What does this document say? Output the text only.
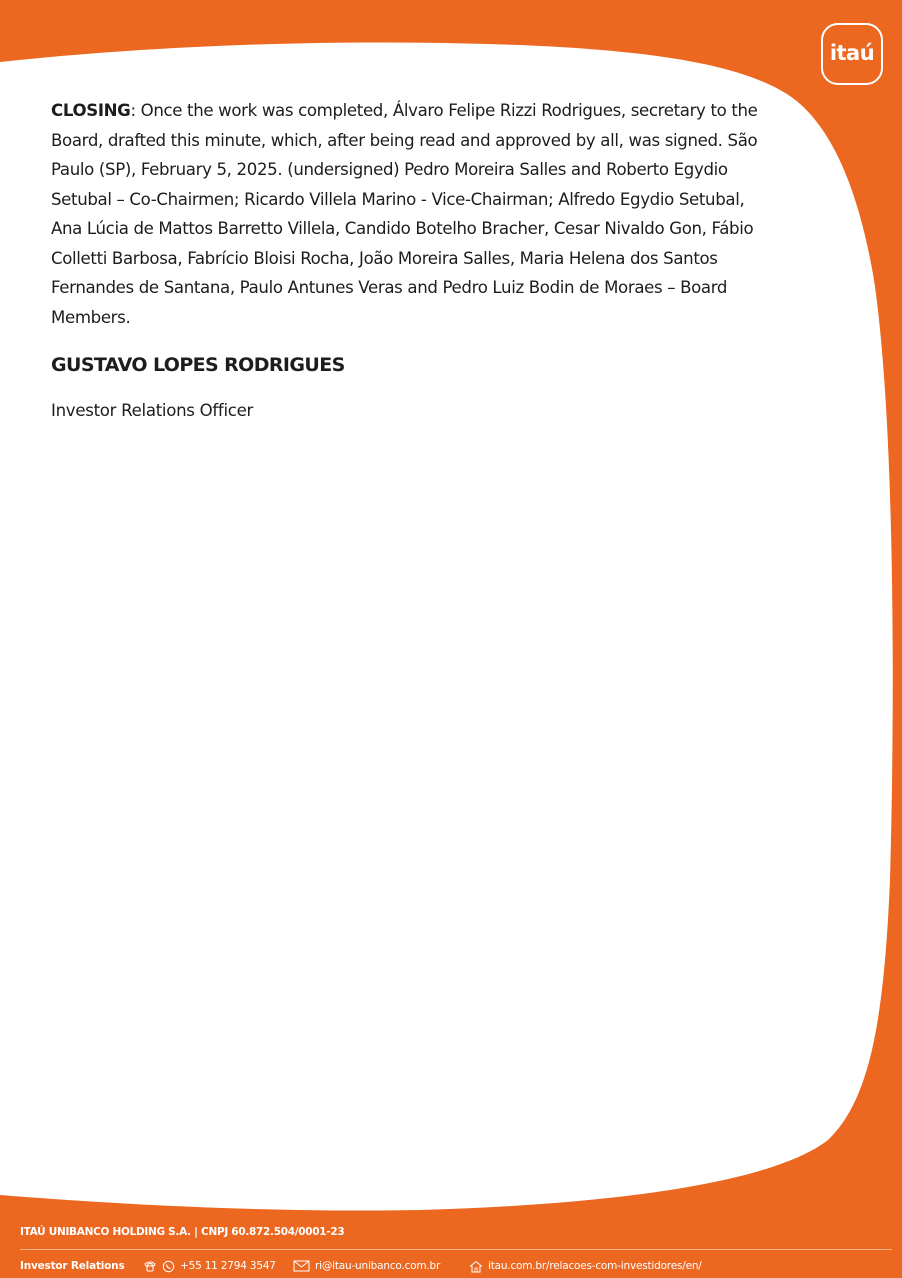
itaú

CLOSING: Once the work was completed, Álvaro Felipe Rizzi Rodrigues, secretary to the Board, drafted this minute, which, after being read and approved by all, was signed. São Paulo (SP), February 5, 2025. (undersigned) Pedro Moreira Salles and Roberto Egydio Setubal – Co-Chairmen; Ricardo Villela Marino - Vice-Chairman; Alfredo Egydio Setubal, Ana Lúcia de Mattos Barretto Villela, Candido Botelho Bracher, Cesar Nivaldo Gon, Fábio Colletti Barbosa, Fabrício Bloisi Rocha, João Moreira Salles, Maria Helena dos Santos Fernandes de Santana, Paulo Antunes Veras and Pedro Luiz Bodin de Moraes – Board Members.

GUSTAVO LOPES RODRIGUES

Investor Relations Officer

ITAÚ UNIBANCO HOLDING S.A. | CNPJ 60.872.504/0001-23
Investor Relations	+55 11 2794 3547	ri@itau-unibanco.com.br	itau.com.br/relacoes-com-investidores/en/
